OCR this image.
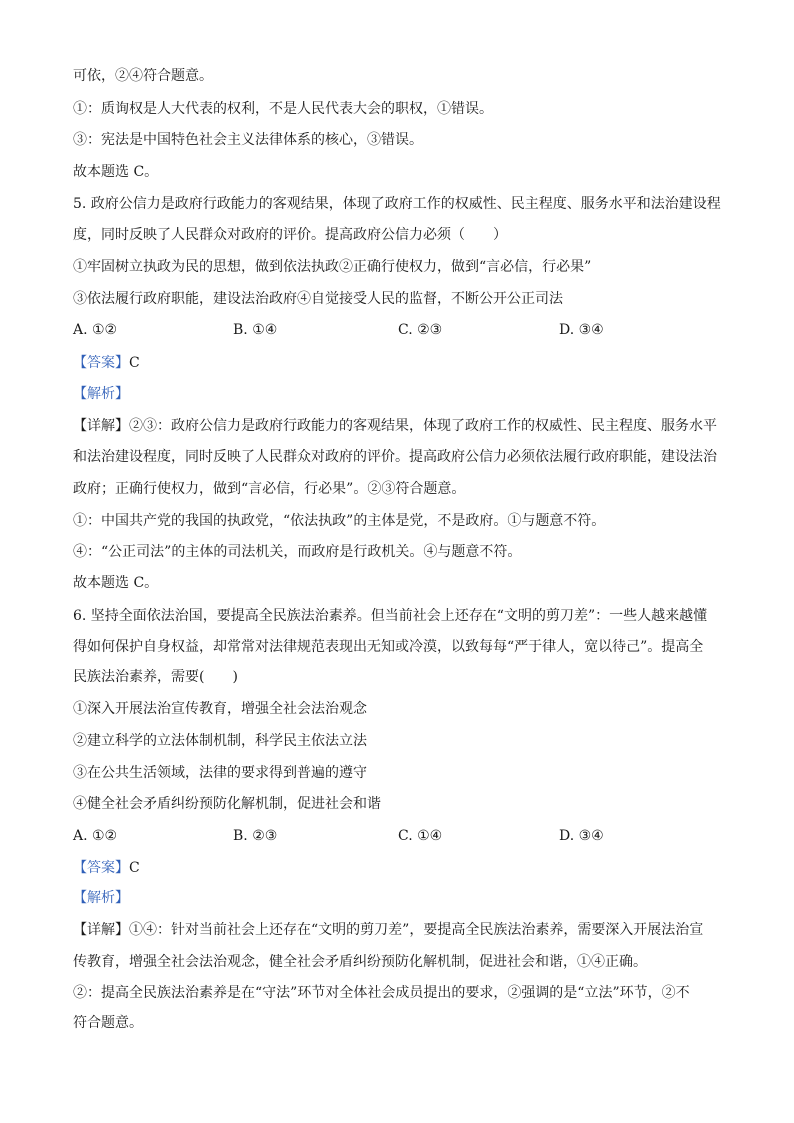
可依，②④符合题意。
①：质询权是人大代表的权利，不是人民代表大会的职权，①错误。
③：宪法是中国特色社会主义法律体系的核心，③错误。
故本题选 C。
5. 政府公信力是政府行政能力的客观结果，体现了政府工作的权威性、民主程度、服务水平和法治建设程
度，同时反映了人民群众对政府的评价。提高政府公信力必须（　　）
①牢固树立执政为民的思想，做到依法执政②正确行使权力，做到“言必信，行必果”
③依法履行政府职能，建设法治政府④自觉接受人民的监督，不断公开公正司法
A. ①②	B. ①④	C. ②③	D. ③④
【答案】C
【解析】
【详解】②③：政府公信力是政府行政能力的客观结果，体现了政府工作的权威性、民主程度、服务水平
和法治建设程度，同时反映了人民群众对政府的评价。提高政府公信力必须依法履行政府职能，建设法治
政府；正确行使权力，做到“言必信，行必果”。②③符合题意。
①：中国共产党的我国的执政党，“依法执政”的主体是党，不是政府。①与题意不符。
④：“公正司法”的主体的司法机关，而政府是行政机关。④与题意不符。
故本题选 C。
6. 坚持全面依法治国，要提高全民族法治素养。但当前社会上还存在“文明的剪刀差”：一些人越来越懂
得如何保护自身权益，却常常对法律规范表现出无知或冷漠，以致每每“严于律人，宽以待己”。提高全
民族法治素养，需要(　　)
①深入开展法治宣传教育，增强全社会法治观念
②建立科学的立法体制机制，科学民主依法立法
③在公共生活领域，法律的要求得到普遍的遵守
④健全社会矛盾纠纷预防化解机制，促进社会和谐
A. ①②	B. ②③	C. ①④	D. ③④
【答案】C
【解析】
【详解】①④：针对当前社会上还存在“文明的剪刀差”，要提高全民族法治素养，需要深入开展法治宣
传教育，增强全社会法治观念，健全社会矛盾纠纷预防化解机制，促进社会和谐，①④正确。
②：提高全民族法治素养是在“守法”环节对全体社会成员提出的要求，②强调的是“立法”环节，②不
符合题意。
